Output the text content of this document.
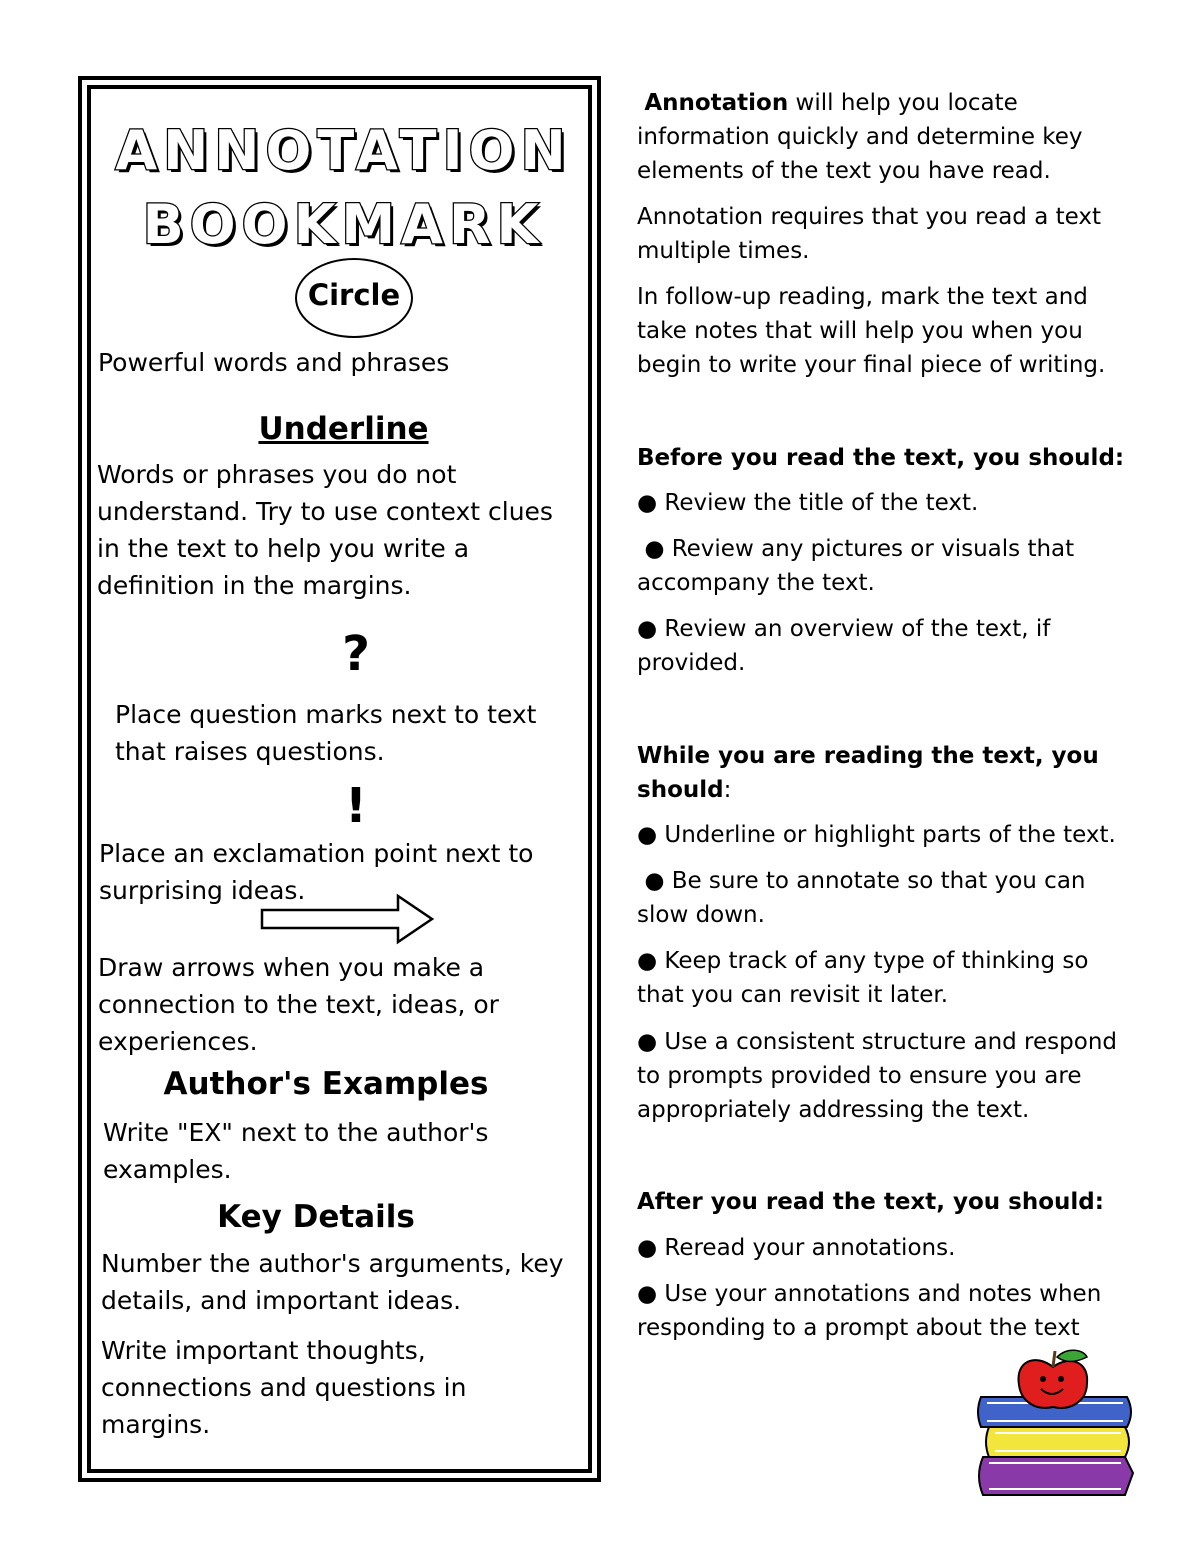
ANNOTATION
BOOKMARK
Circle
Powerful words and phrases
Underline
Words or phrases you do not understand. Try to use context clues in the text to help you write a definition in the margins.
?
Place question marks next to text that raises questions.
!
Place an exclamation point next to surprising ideas.
Draw arrows when you make a connection to the text, ideas, or experiences.
Author's Examples
Write "EX" next to the author's examples.
Key Details
Number the author's arguments, key details, and important ideas.
Write important thoughts, connections and questions in margins.
Annotation will help you locate information quickly and determine key elements of the text you have read.
Annotation requires that you read a text multiple times.
In follow-up reading, mark the text and take notes that will help you when you begin to write your final piece of writing.
Before you read the text, you should:
● Review the title of the text.
● Review any pictures or visuals that accompany the text.
● Review an overview of the text, if provided.
While you are reading the text, you should:
● Underline or highlight parts of the text.
● Be sure to annotate so that you can slow down.
● Keep track of any type of thinking so that you can revisit it later.
● Use a consistent structure and respond to prompts provided to ensure you are appropriately addressing the text.
After you read the text, you should:
● Reread your annotations.
● Use your annotations and notes when responding to a prompt about the text
